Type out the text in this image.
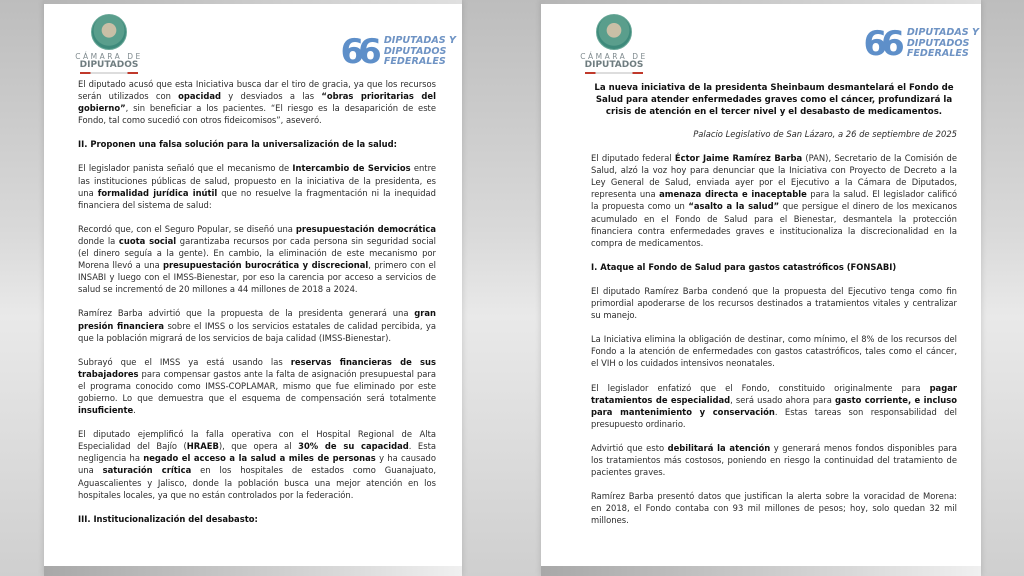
CÁMARA DE
DIPUTADOS	66 DIPUTADAS Y
DIPUTADOS
FEDERALES

El diputado acusó que esta Iniciativa busca dar el tiro de gracia, ya que los recursos serán utilizados con opacidad y desviados a las “obras prioritarias del gobierno”, sin beneficiar a los pacientes. “El riesgo es la desaparición de este Fondo, tal como sucedió con otros fideicomisos”, aseveró.

II. Proponen una falsa solución para la universalización de la salud:

El legislador panista señaló que el mecanismo de Intercambio de Servicios entre las instituciones públicas de salud, propuesto en la iniciativa de la presidenta, es una formalidad jurídica inútil que no resuelve la fragmentación ni la inequidad financiera del sistema de salud:

Recordó que, con el Seguro Popular, se diseñó una presupuestación democrática donde la cuota social garantizaba recursos por cada persona sin seguridad social (el dinero seguía a la gente). En cambio, la eliminación de este mecanismo por Morena llevó a una presupuestación burocrática y discrecional, primero con el INSABI y luego con el IMSS-Bienestar, por eso la carencia por acceso a servicios de salud se incrementó de 20 millones a 44 millones de 2018 a 2024.

Ramírez Barba advirtió que la propuesta de la presidenta generará una gran presión financiera sobre el IMSS o los servicios estatales de calidad percibida, ya que la población migrará de los servicios de baja calidad (IMSS-Bienestar).

Subrayó que el IMSS ya está usando las reservas financieras de sus trabajadores para compensar gastos ante la falta de asignación presupuestal para el programa conocido como IMSS-COPLAMAR, mismo que fue eliminado por este gobierno. Lo que demuestra que el esquema de compensación será totalmente insuficiente.

El diputado ejemplificó la falla operativa con el Hospital Regional de Alta Especialidad del Bajío (HRAEB), que opera al 30% de su capacidad. Esta negligencia ha negado el acceso a la salud a miles de personas y ha causado una saturación crítica en los hospitales de estados como Guanajuato, Aguascalientes y Jalisco, donde la población busca una mejor atención en los hospitales locales, ya que no están controlados por la federación.

III. Institucionalización del desabasto:

CÁMARA DE
DIPUTADOS
66 DIPUTADAS Y
DIPUTADOS
FEDERALES

La nueva iniciativa de la presidenta Sheinbaum desmantelará el Fondo de Salud para atender enfermedades graves como el cáncer, profundizará la crisis de atención en el tercer nivel y el desabasto de medicamentos.

Palacio Legislativo de San Lázaro, a 26 de septiembre de 2025

El diputado federal Éctor Jaime Ramírez Barba (PAN), Secretario de la Comisión de Salud, alzó la voz hoy para denunciar que la Iniciativa con Proyecto de Decreto a la Ley General de Salud, enviada ayer por el Ejecutivo a la Cámara de Diputados, representa una amenaza directa e inaceptable para la salud. El legislador calificó la propuesta como un “asalto a la salud” que persigue el dinero de los mexicanos acumulado en el Fondo de Salud para el Bienestar, desmantela la protección financiera contra enfermedades graves e institucionaliza la discrecionalidad en la compra de medicamentos.

I. Ataque al Fondo de Salud para gastos catastróficos (FONSABI)

El diputado Ramírez Barba condenó que la propuesta del Ejecutivo tenga como fin primordial apoderarse de los recursos destinados a tratamientos vitales y centralizar su manejo.

La Iniciativa elimina la obligación de destinar, como mínimo, el 8% de los recursos del Fondo a la atención de enfermedades con gastos catastróficos, tales como el cáncer, el VIH o los cuidados intensivos neonatales.

El legislador enfatizó que el Fondo, constituido originalmente para pagar tratamientos de especialidad, será usado ahora para gasto corriente, e incluso para mantenimiento y conservación. Estas tareas son responsabilidad del presupuesto ordinario.

Advirtió que esto debilitará la atención y generará menos fondos disponibles para los tratamientos más costosos, poniendo en riesgo la continuidad del tratamiento de pacientes graves.

Ramírez Barba presentó datos que justifican la alerta sobre la voracidad de Morena: en 2018, el Fondo contaba con 93 mil millones de pesos; hoy, solo quedan 32 mil millones.
